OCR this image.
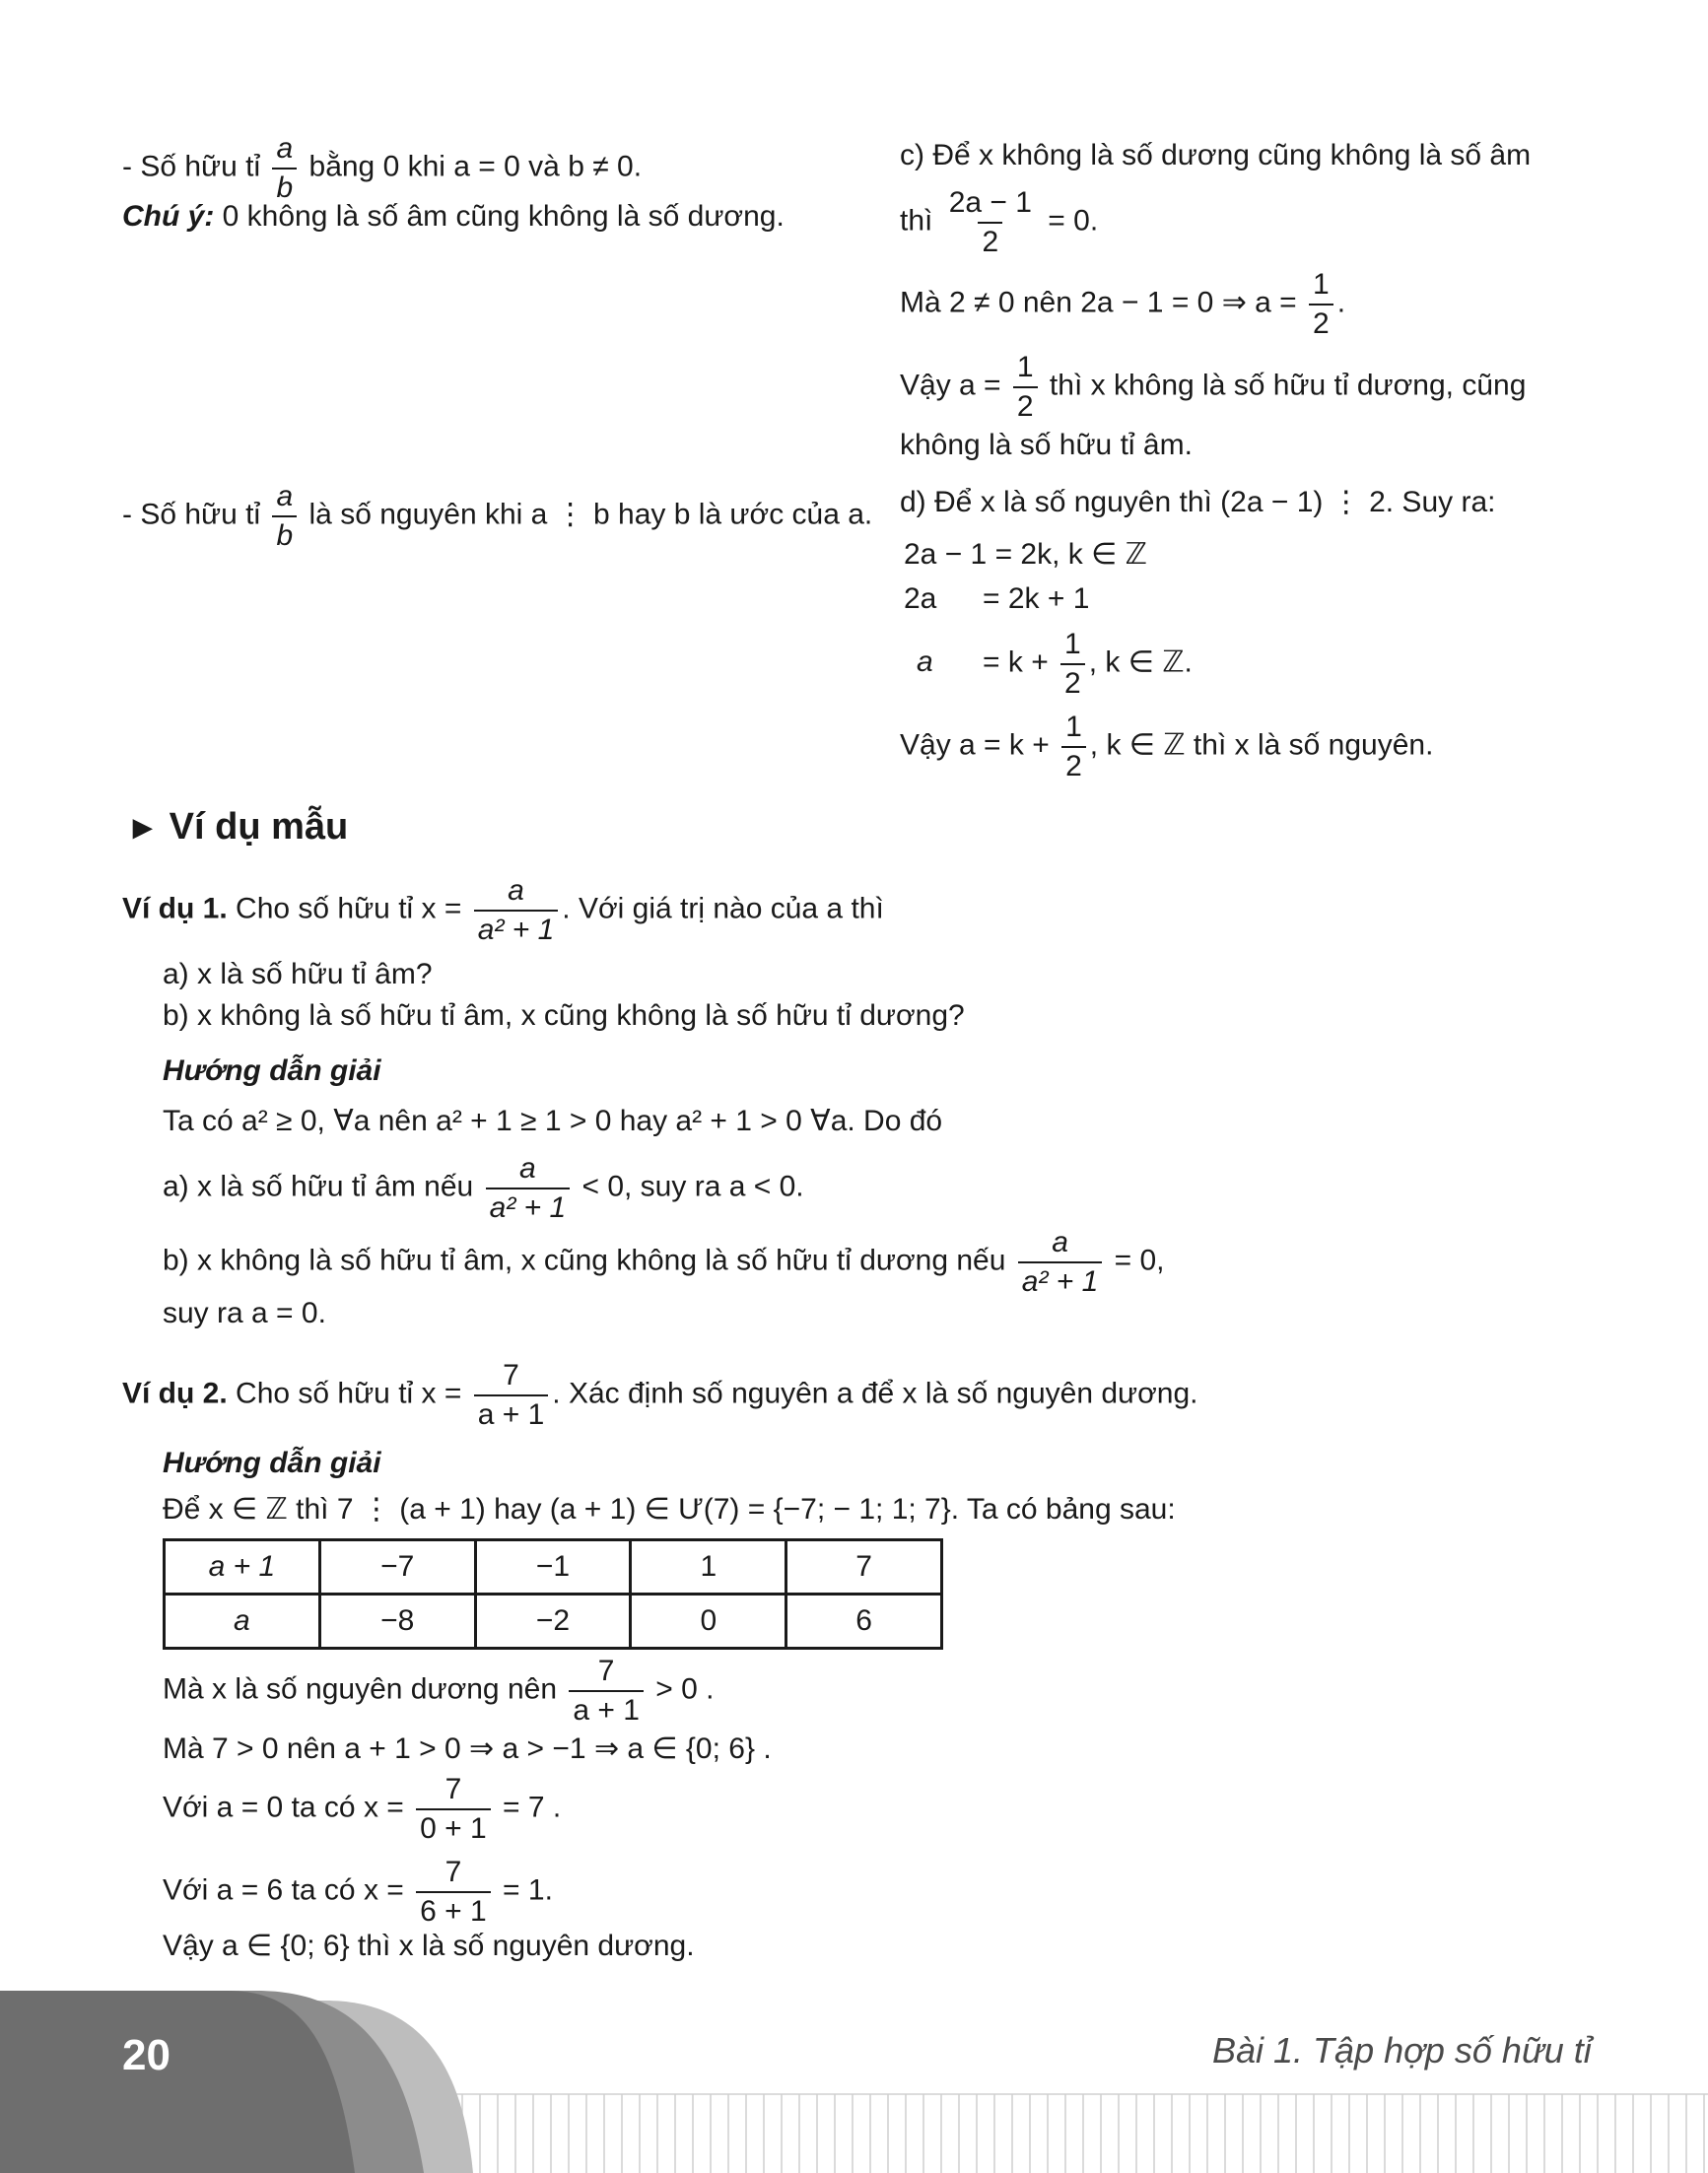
- Số hữu tỉ $\frac{a}{b}$ bằng 0 khi a = 0 và b ≠ 0.
Chú ý: 0 không là số âm cũng không là số dương.
- Số hữu tỉ $\frac{a}{b}$ là số nguyên khi a ⋮ b hay b là ước của a.
c) Để x không là số dương cũng không là số âm
thì $\frac{2a - 1}{2} = 0$.
Mà 2 ≠ 0 nên 2a − 1 = 0 ⇒ $a = \frac{1}{2}$ .
Vậy $a = \frac{1}{2}$ thì x không là số hữu tỉ dương, cũng
không là số hữu tỉ âm.
d) Để x là số nguyên thì (2a − 1) ⋮ 2. Suy ra:
2a − 1 = 2k, k ∈ ℤ
2a = 2k + 1
$a = k + \frac{1}{2}$ , k ∈ ℤ.
Vậy $a = k + \frac{1}{2}$ , k ∈ ℤ thì x là số nguyên.
► Ví dụ mẫu
Ví dụ 1. Cho số hữu tỉ $x = \frac{a}{\text{a² + 1}}$ . Với giá trị nào của a thì
a) x là số hữu tỉ âm?
b) x không là số hữu tỉ âm, x cũng không là số hữu tỉ dương?
Hướng dẫn giải
Ta có a² ≥ 0, ∀a nên a² + 1 ≥ 1 > 0 hay a² + 1 > 0 ∀a. Do đó
a) x là số hữu tỉ âm nếu $\frac{a}{\text{a² + 1}} < 0$, suy ra a < 0.
b) x không là số hữu tỉ âm, x cũng không là số hữu tỉ dương nếu $\frac{a}{\text{a² + 1}} = 0$,
suy ra a = 0.
Ví dụ 2. Cho số hữu tỉ $x = \frac{7}{a + 1}$ . Xác định số nguyên a để x là số nguyên dương.
Hướng dẫn giải
Để x ∈ ℤ thì 7 ⋮ (a + 1) hay (a + 1) ∈ Ư(7) = {−7; − 1; 1; 7}. Ta có bảng sau:
a + 1	−7	−1	1	7
a	−8	−2	0	6
Mà x là số nguyên dương nên $\frac{7}{a + 1} > 0$ .
Mà 7 > 0 nên a + 1 > 0 ⇒ a > −1 ⇒ a ∈ {0; 6} .
Với a = 0 ta có $x = \frac{7}{0 + 1} = 7$ .
Với a = 6 ta có $x = \frac{7}{6 + 1} = 1$.
Vậy a ∈ {0; 6} thì x là số nguyên dương.
20	Bài 1. Tập hợp số hữu tỉ
